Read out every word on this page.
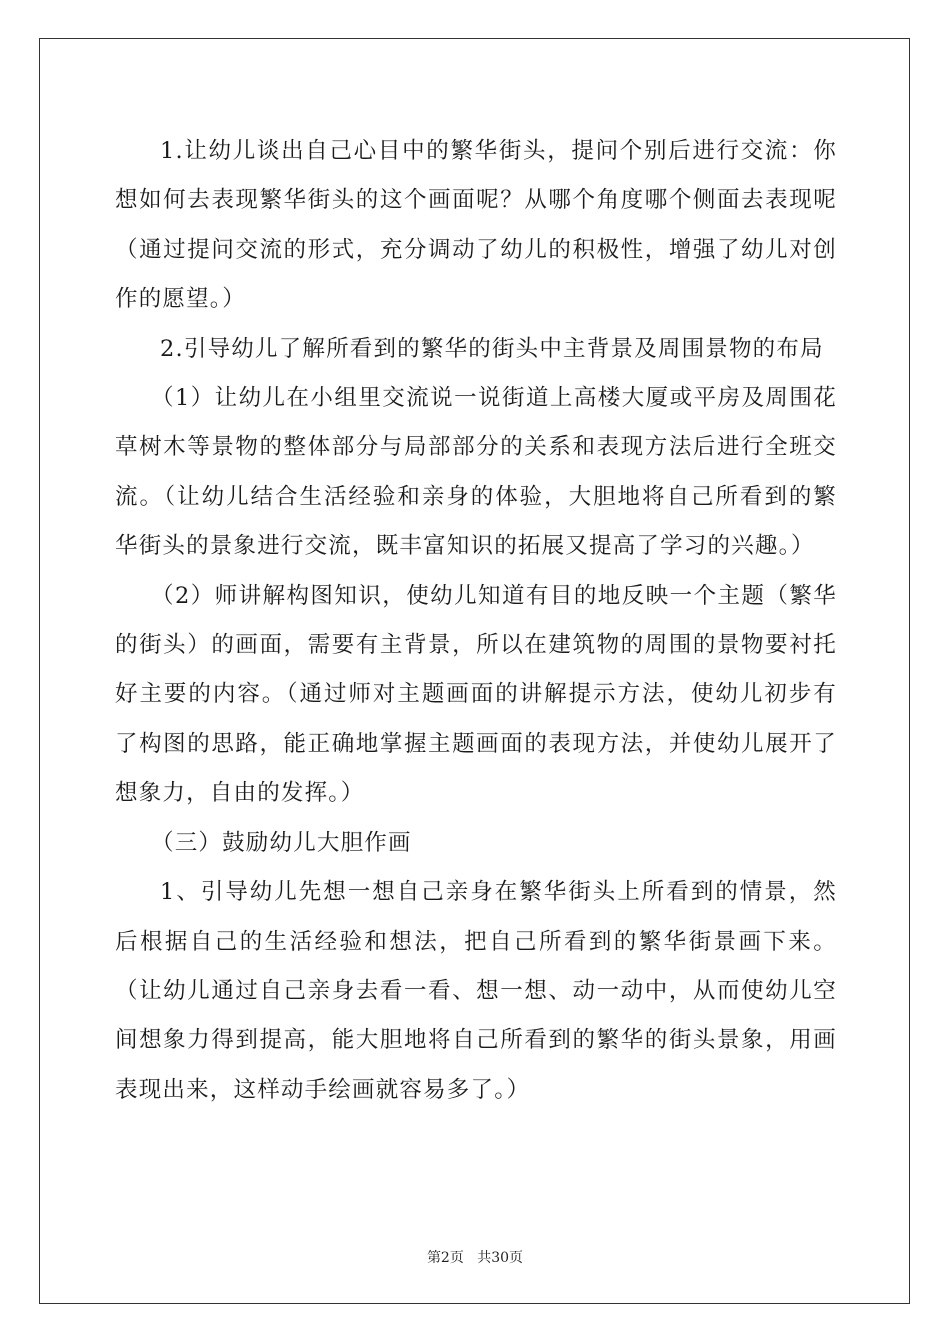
1.让幼儿谈出自己心目中的繁华街头，提问个别后进行交流：你想如何去表现繁华街头的这个画面呢？从哪个角度哪个侧面去表现呢（通过提问交流的形式，充分调动了幼儿的积极性，增强了幼儿对创作的愿望。）

2.引导幼儿了解所看到的繁华的街头中主背景及周围景物的布局

（1）让幼儿在小组里交流说一说街道上高楼大厦或平房及周围花草树木等景物的整体部分与局部部分的关系和表现方法后进行全班交流。（让幼儿结合生活经验和亲身的体验，大胆地将自己所看到的繁华街头的景象进行交流，既丰富知识的拓展又提高了学习的兴趣。）

（2）师讲解构图知识，使幼儿知道有目的地反映一个主题（繁华的街头）的画面，需要有主背景，所以在建筑物的周围的景物要衬托好主要的内容。（通过师对主题画面的讲解提示方法，使幼儿初步有了构图的思路，能正确地掌握主题画面的表现方法，并使幼儿展开了想象力，自由的发挥。）

（三）鼓励幼儿大胆作画

1、引导幼儿先想一想自己亲身在繁华街头上所看到的情景，然后根据自己的生活经验和想法，把自己所看到的繁华街景画下来。（让幼儿通过自己亲身去看一看、想一想、动一动中，从而使幼儿空间想象力得到提高，能大胆地将自己所看到的繁华的街头景象，用画表现出来，这样动手绘画就容易多了。）

第2页 共30页
